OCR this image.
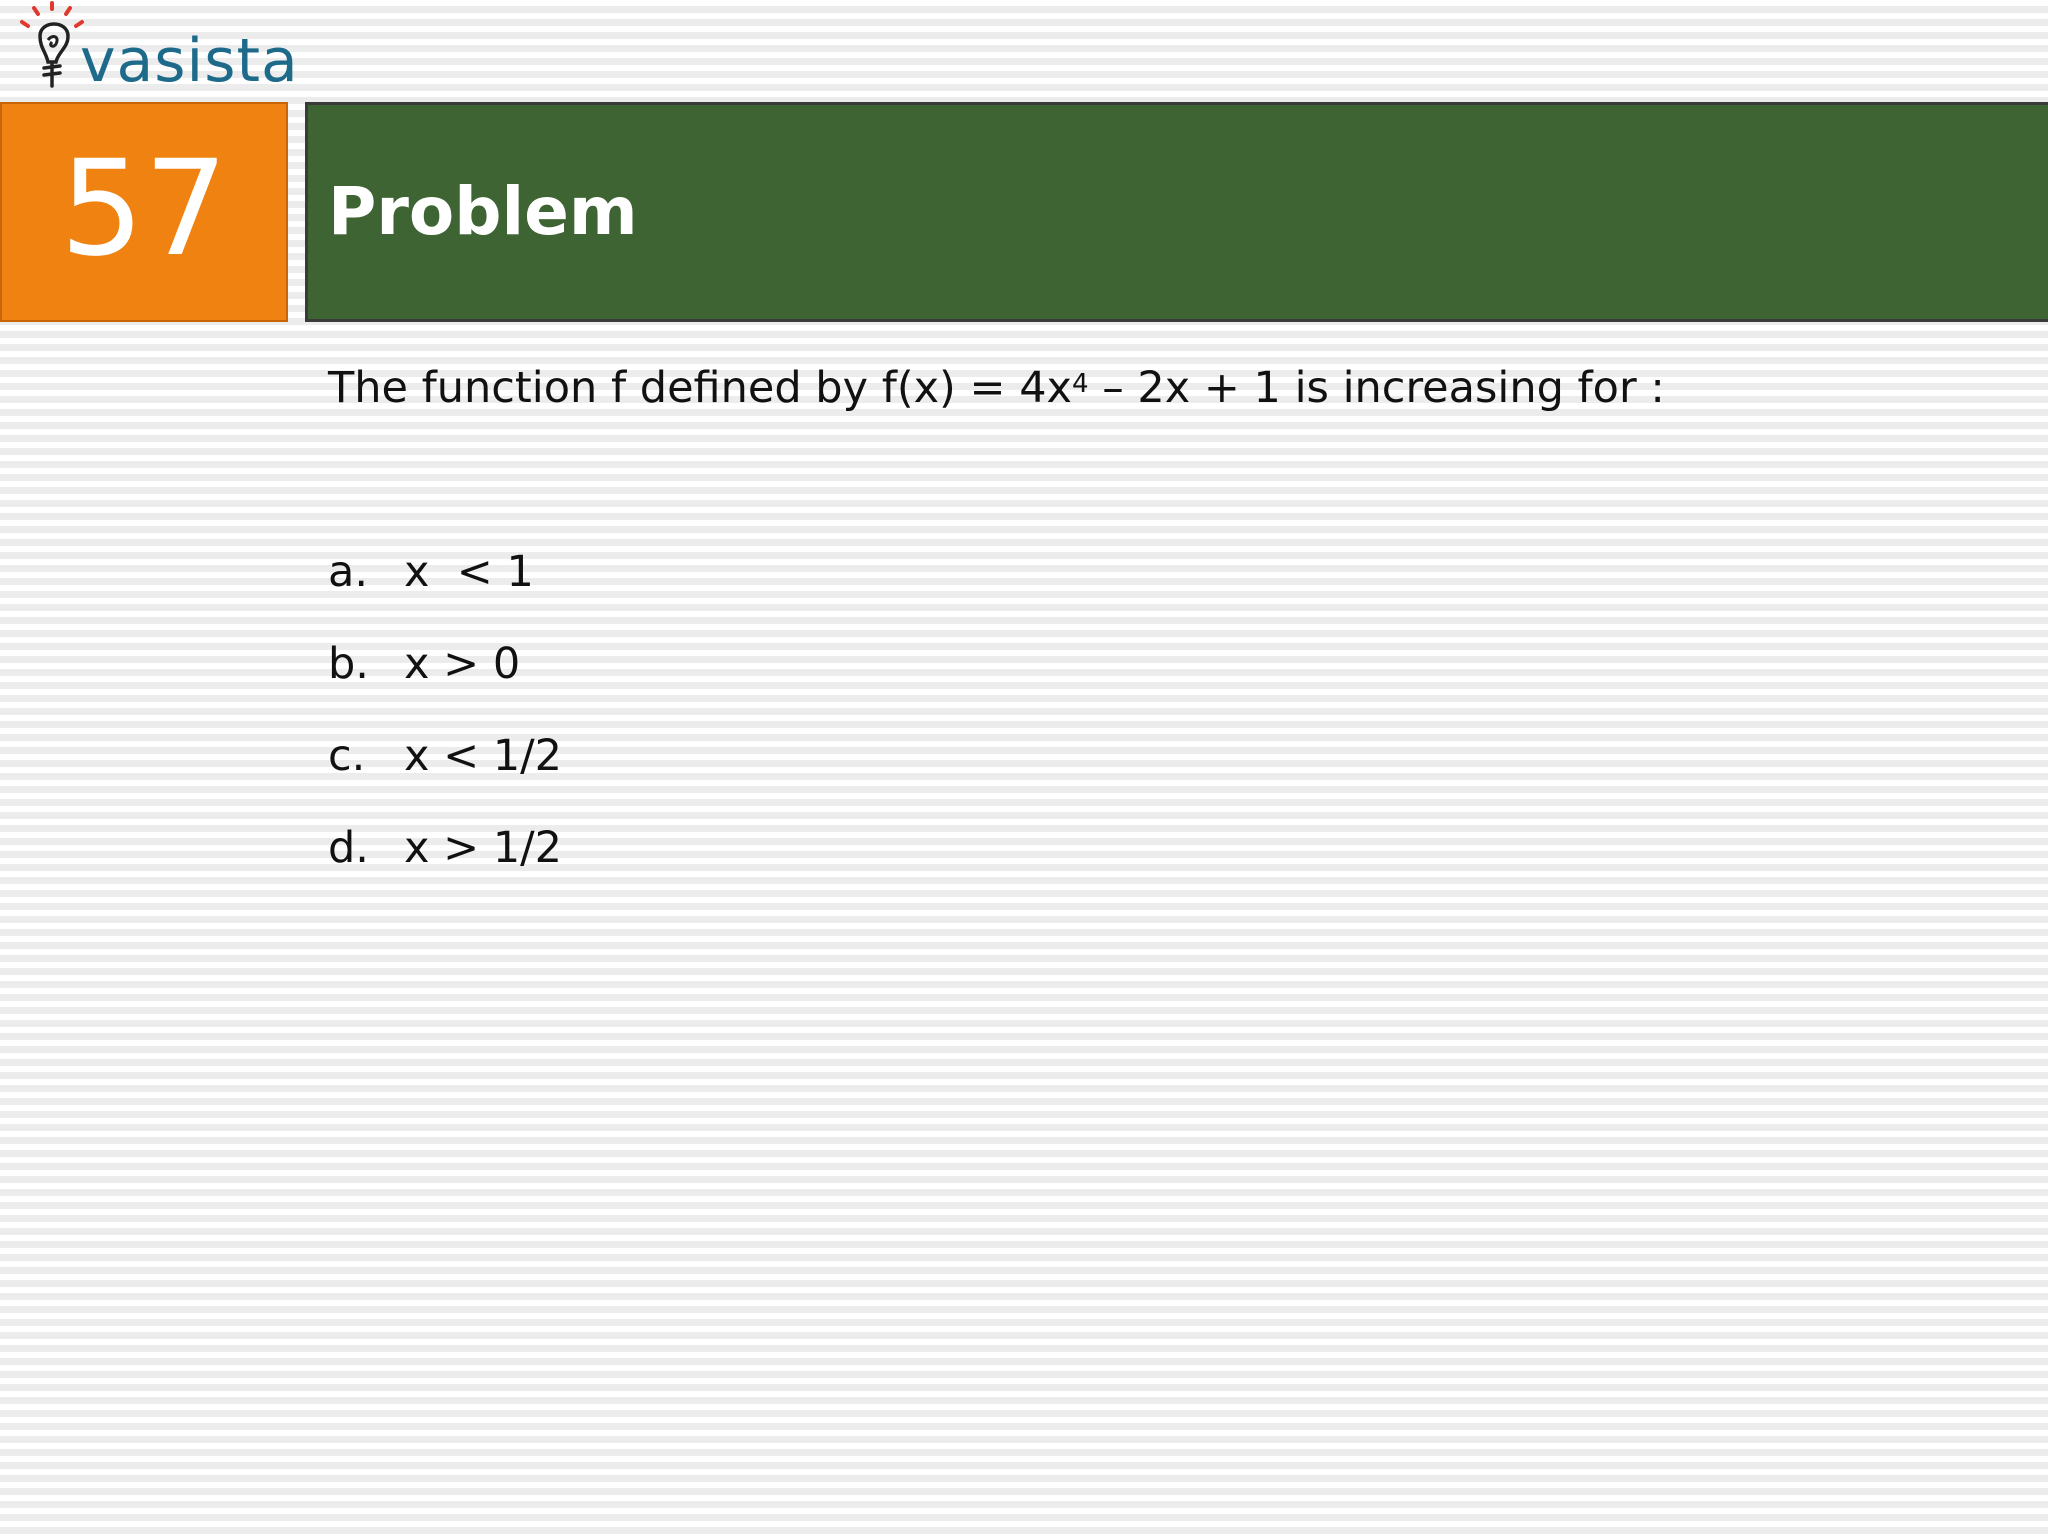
vasista
57 Problem
The function f defined by $f(x) = 4x^4 - 2x + 1$ is increasing for :
a. x  < 1
b. x > 0
c. x < 1/2
d. x > 1/2
